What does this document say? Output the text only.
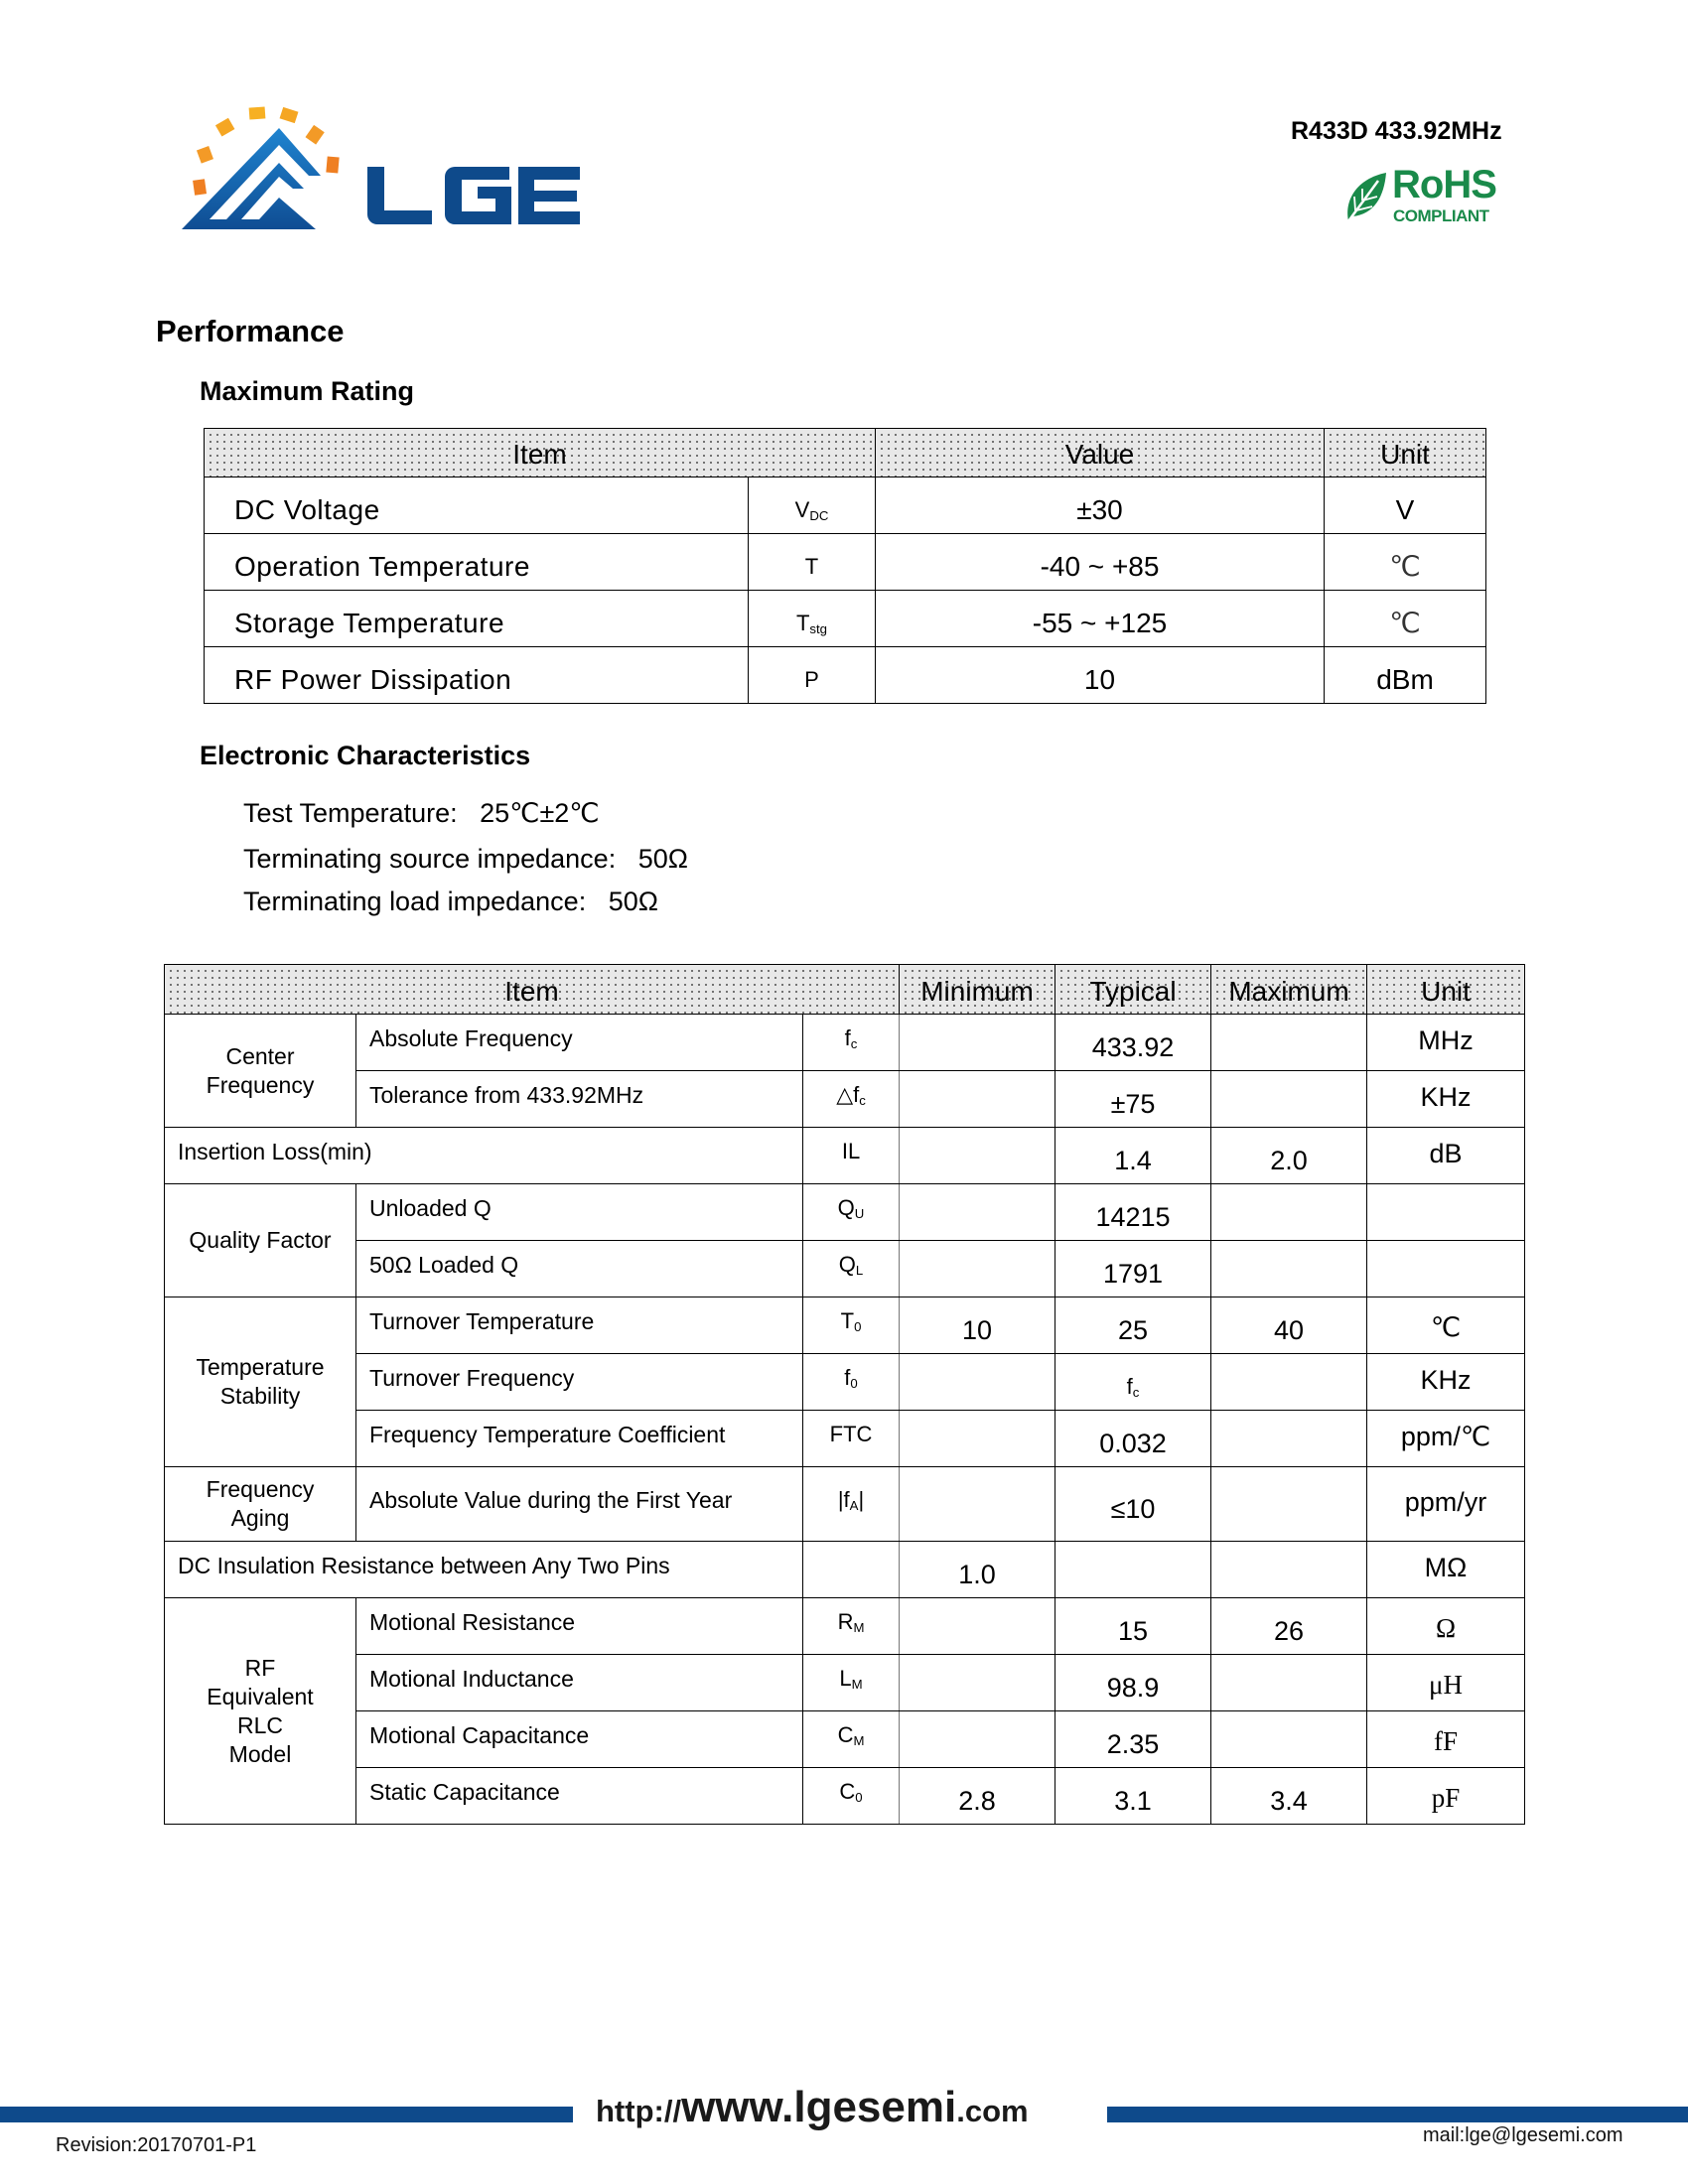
R433D 433.92MHz
RoHS
COMPLIANT
Performance
Maximum Rating
Item		Value	Unit
DC Voltage	$V_{DC}$	±30	V
Operation Temperature	T	-40 ~ +85	℃
Storage Temperature	$T_{stg}$	-55 ~ +125	℃
RF Power Dissipation	P	10	dBm
Electronic Characteristics
Test Temperature:   25℃±2℃
Terminating source impedance:   50Ω
Terminating load impedance:   50Ω
Item			Minimum	Typical	Maximum	Unit
Center
Frequency	Absolute Frequency	$f_c$		433.92		MHz
	Tolerance from 433.92MHz	$\triangle f_c$		±75		KHz
Insertion Loss(min)		IL		1.4	2.0	dB
Quality Factor	Unloaded Q	$Q_U$		14215		
	50Ω Loaded Q	$Q_L$		1791		
Temperature
Stability	Turnover Temperature	$T_0$	10	25	40	℃
	Turnover Frequency	$f_0$		$f_c$		KHz
	Frequency Temperature Coefficient	FTC		0.032		ppm/℃
Frequency
Aging	Absolute Value during the First Year	$|f_A|$		≤10		ppm/yr
DC Insulation Resistance between Any Two Pins			1.0			MΩ
RF
Equivalent
RLC
Model	Motional Resistance	$R_M$		15	26	Ω
	Motional Inductance	$L_M$		98.9		μH
	Motional Capacitance	$C_M$		2.35		fF
	Static Capacitance	$C_0$	2.8	3.1	3.4	pF
http://www.lgesemi.com
Revision:20170701-P1	mail:lge@lgesemi.com
